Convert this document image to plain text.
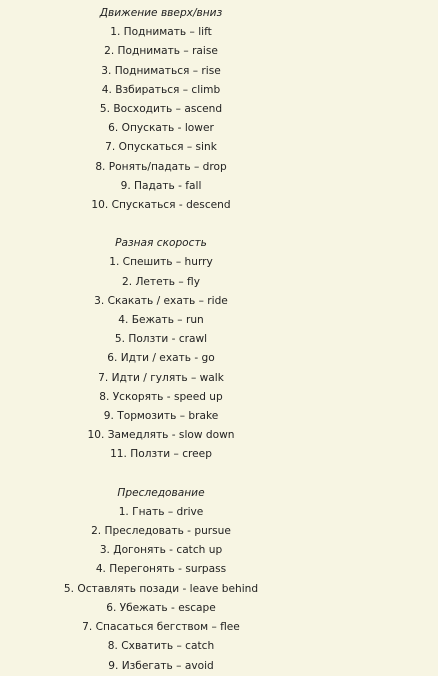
Движение вверх/вниз
1. Поднимать – lift
2. Поднимать – raise
3. Подниматься – rise
4. Взбираться – climb
5. Восходить – ascend
6. Опускать - lower
7. Опускаться – sink
8. Ронять/падать – drop
9. Падать - fall
10. Спускаться - descend
Разная скорость
1. Спешить – hurry
2. Лететь – fly
3. Скакать / ехать – ride
4. Бежать – run
5. Ползти - crawl
6. Идти / ехать - go
7. Идти / гулять – walk
8. Ускорять - speed up
9. Тормозить – brake
10. Замедлять - slow down
11. Ползти – creep
Преследование
1. Гнать – drive
2. Преследовать - pursue
3. Догонять - catch up
4. Перегонять - surpass
5. Оставлять позади - leave behind
6. Убежать - escape
7. Спасаться бегством – flee
8. Схватить – catch
9. Избегать – avoid
